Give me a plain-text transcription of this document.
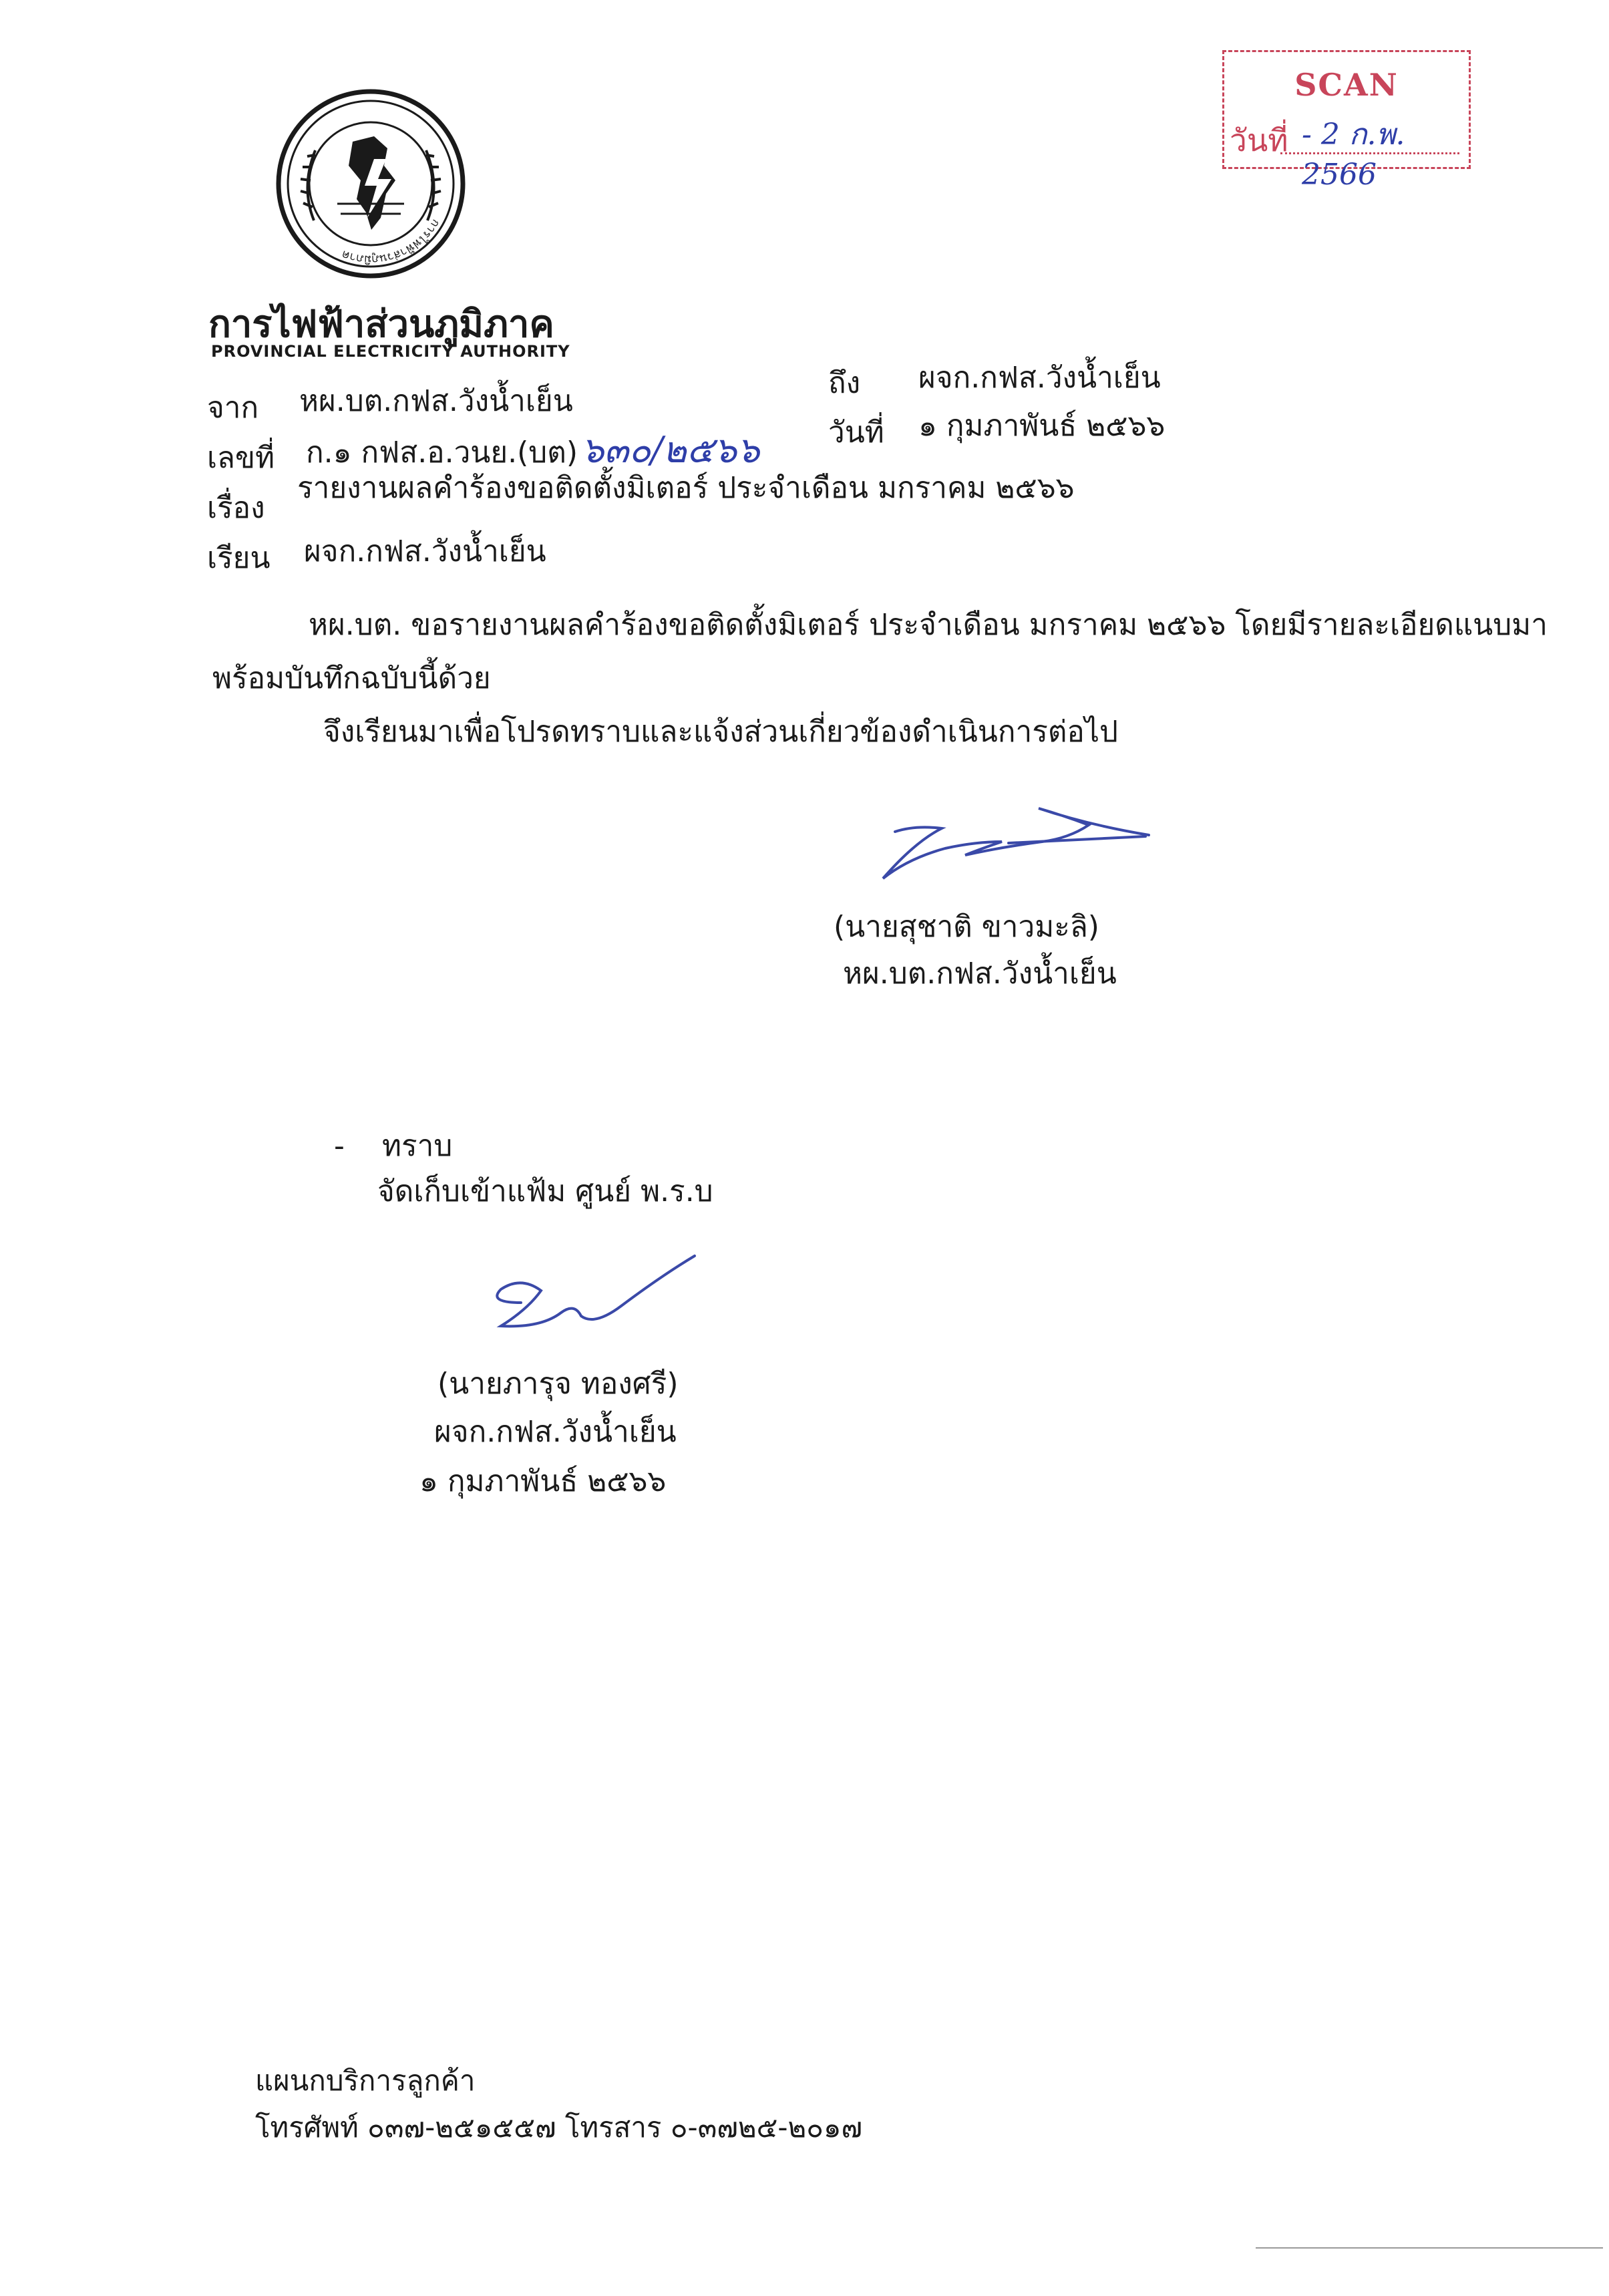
SCAN
วันที่ - 2 ก.พ. 2566
การไฟฟ้าส่วนภูมิภาค
การไฟฟ้าส่วนภูมิภาค
PROVINCIAL ELECTRICITY AUTHORITY
จาก หผ.บต.กฟส.วังน้ำเย็น
ถึง ผจก.กฟส.วังน้ำเย็น
เลขที่ ก.๑ กฟส.อ.วนย.(บต) ๖๓๐/๒๕๖๖ วันที่ ๑ กุมภาพันธ์ ๒๕๖๖
เรื่อง
รายงานผลคำร้องขอติดตั้งมิเตอร์ ประจำเดือน มกราคม ๒๕๖๖
เรียน ผจก.กฟส.วังน้ำเย็น
หผ.บต. ขอรายงานผลคำร้องขอติดตั้งมิเตอร์ ประจำเดือน มกราคม ๒๕๖๖ โดยมีรายละเอียดแนบมา
พร้อมบันทึกฉบับนี้ด้วย
จึงเรียนมาเพื่อโปรดทราบและแจ้งส่วนเกี่ยวข้องดำเนินการต่อไป
(นายสุชาติ ขาวมะลิ)
หผ.บต.กฟส.วังน้ำเย็น
- ทราบ
จัดเก็บเข้าแฟ้ม ศูนย์ พ.ร.บ
(นายภารุจ ทองศรี)
ผจก.กฟส.วังน้ำเย็น
๑ กุมภาพันธ์ ๒๕๖๖
แผนกบริการลูกค้า
โทรศัพท์ ๐๓๗-๒๕๑๕๕๗ โทรสาร ๐-๓๗๒๕-๒๐๑๗
